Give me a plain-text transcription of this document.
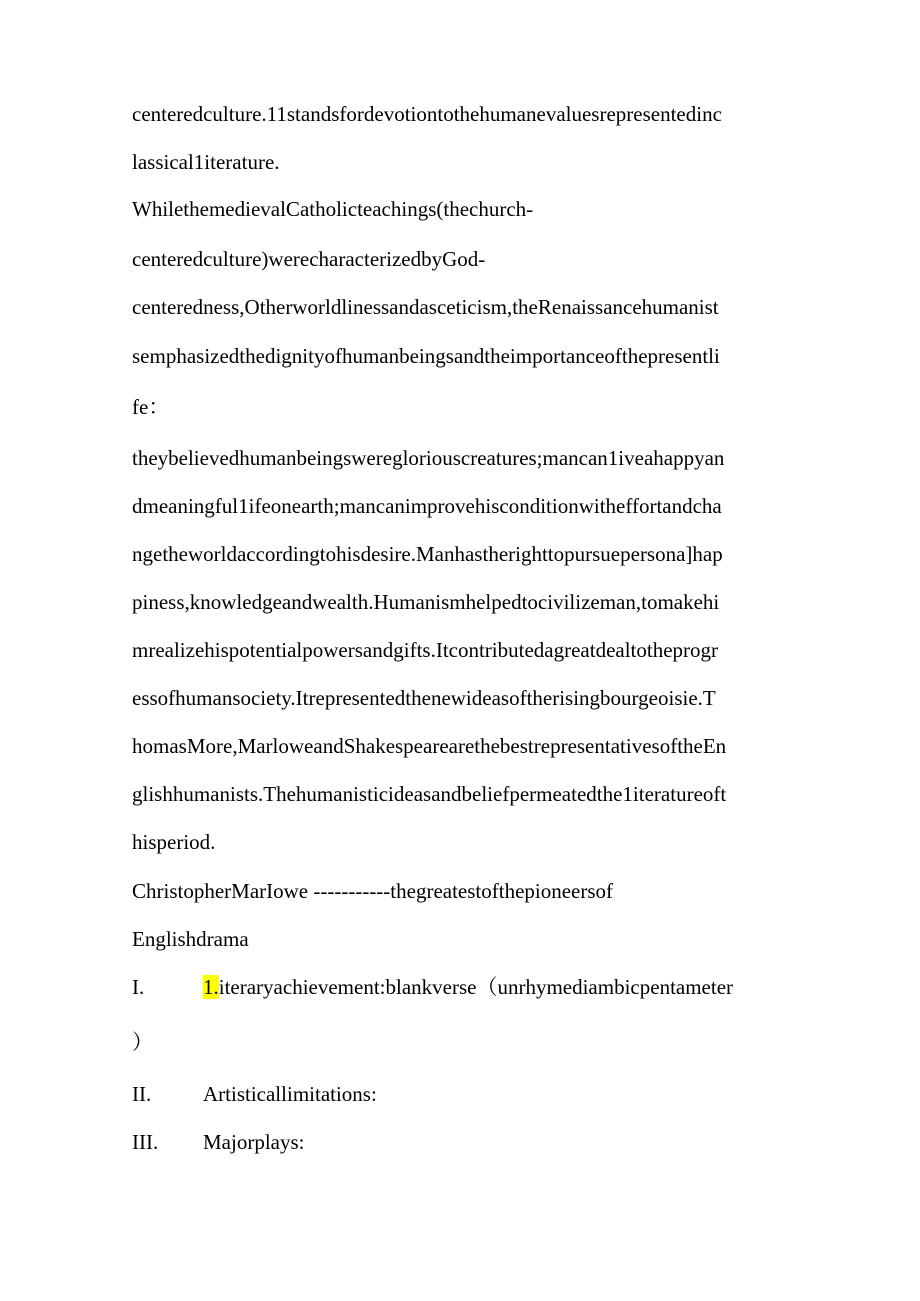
centeredculture.11standsfordevotiontothehumanevaluesrepresentedinc
lassical1iterature.
WhilethemedievalCatholicteachings(thechurch-
centeredculture)werecharacterizedbyGod-
centeredness,Otherworldlinessandasceticism,theRenaissancehumanist
semphasizedthedignityofhumanbeingsandtheimportanceofthepresentli
fe：
theybelievedhumanbeingsweregloriouscreatures;mancan1iveahappyan
dmeaningful1ifeonearth;mancanimprovehisconditionwitheffortandcha
ngetheworldaccordingtohisdesire.Manhastherighttopursuepersona]hap
piness,knowledgeandwealth.Humanismhelpedtocivilizeman,tomakehi
mrealizehispotentialpowersandgifts.Itcontributedagreatdealtotheprogr
essofhumansociety.Itrepresentedthenewideasoftherisingbourgeoisie.T
homasMore,MarloweandShakespearearethebestrepresentativesoftheEn
glishhumanists.Thehumanisticideasandbeliefpermeatedthe1iteratureoft
hisperiod.
ChristopherMarIowe -----------thegreatestofthepioneersof
Englishdrama
I.	1.iteraryachievement:blankverse（unrhymediambicpentameter
）
II. Artisticallimitations:
III. Majorplays:
